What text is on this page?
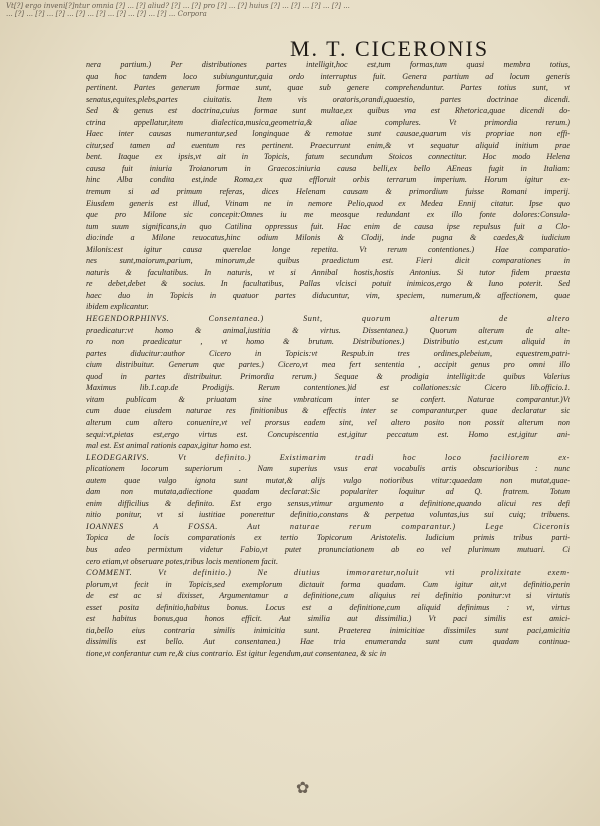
Vt[?] ergo inveni[?]ntur omnia [?] ... [?] aliud? [?] ... [?] pro [?] ... [?] huius [?] ... [?] ... [?] ... [?] ...
... [?] ... [?] ... [?] ... [?] ... [?] ... [?] ... [?] ... [?] ... Corpora
M. T. CICERONIS
nera partium.) Per distributiones partes intelligit,hoc est,tum formas,tum quasi membra totius,
qua hoc tandem loco subiunguntur,quia ordo interruptus fuit. Genera partium ad locum generis
pertinent. Partes generum formae sunt, quae sub genere comprehenduntur. Partes totius sunt, vt
senatus,equites,plebs,partes ciuitatis. Item vis oratoris,orandi,quaestio, partes doctrinae dicendi.
Sed & genus est doctrina,cuius formae sunt multae,ex quibus vna est Rhetorica,quae dicendi do-
ctrina appellatur,item dialectica,musica,geometria,& aliae complures. Vt primordia rerum.)
Haec inter causas numerantur,sed longinquae & remotae sunt causae,quarum vis propriae non effi-
citur,sed tamen ad euentum res pertinent. Praecurrunt enim,& vt sequatur aliquid initium prae
bent. Itaque ex ipsis,vt ait in Topicis, fatum secundum Stoicos connectitur. Hoc modo Helena
causa fuit iniuria Troianorum in Graecos:iniuria causa belli,ex bello AEneas fugit in Italiam:
hinc Alba condita est,inde Roma,ex qua effloruit orbis terrarum imperium. Horum igitur ex-
tremum si ad primum referas, dices Helenam causam & primordium fuisse Romani imperij.
Eiusdem generis est illud, Vtinam ne in nemore Pelio,quod ex Medea Ennij citatur. Ipse quo
que pro Milone sic concepit:Omnes iu me meosque redundant ex illo fonte dolores:Consula-
tum suum significans,in quo Catilina oppressus fuit. Hac enim de causa ipse repulsus fuit a Clo-
dio:inde a Milone reuocatus,hinc odium Milonis & Clodij, inde pugna & caedes,& iudicium
Milonis:est igitur causa querelae longe repetita. Vt rerum contentiones.) Hae comparatio-
nes sunt,maiorum,parium, minorum,de quibus praedictum est. Fieri dicit comparationes in
naturis & facultatibus. In naturis, vt si Annibal hostis,hostis Antonius. Si tutor fidem praesta
re debet,debet & socius. In facultatibus, Pallas vlcisci potuit inimicos,ergo & Iuno poterit. Sed
haec duo in Topicis in quatuor partes diducuntur, vim, speciem, numerum,& affectionem, quae
ibidem explicantur.
HEGENDORPHINVS. Consentanea.) Sunt, quorum alterum de altero
praedicatur:vt homo & animal,iustitia & virtus. Dissentanea.) Quorum alterum de alte-
ro non praedicatur , vt homo & brutum. Distributiones.) Distributio est,cum aliquid in
partes diducitur:author Cicero in Topicis:vt Respub.in tres ordines,plebeium, equestrem,patri-
cium distribuitur. Generum que partes.) Cicero,vt mea fert sententia , accipit genus pro omni illo
quod in partes distribuitur. Primordia rerum.) Sequae & prodigia intelligit:de quibus Valerius
Maximus lib.1.cap.de Prodigijs. Rerum contentiones.)id est collationes:sic Cicero lib.officio.1.
vitam publicam & priuatam sine vmbraticam inter se confert. Naturae comparantur.)Vt
cum duae eiusdem naturae res finitionibus & effectis inter se comparantur,per quae declaratur sic
alterum cum altero conuenire,vt vel prorsus eadem sint, vel altero posito non possit alterum non
sequi:vt,pietas est,ergo virtus est. Concupiscentia est,igitur peccatum est. Homo est,igitur ani-
mal est. Est animal rationis capax,igitur homo est.
LEODEGARIVS. Vt definito.) Existimarim tradi hoc loco faciliorem ex-
plicationem locorum superiorum . Nam superius vsus erat vocabulis artis obscurioribus : nunc
autem quae vulgo ignota sunt mutat,& alijs vulgo notioribus vtitur:quaedam non mutat,quae-
dam non mutata,adiectione quadam declarat:Sic populariter loquitur ad Q. fratrem. Totum
enim difficilius & definito. Est ergo sensus,vtimur argumento a definitione,quando alicui res defi
nitio ponitur, vt si iustitiae ponerettur definitio,constans & perpetua voluntas,ius sui cuiq; tribuens.
IOANNES A FOSSA. Aut naturae rerum comparantur.) Lege Ciceronis
Topica de locis comparationis ex tertio Topicorum Aristotelis. Iudicium primis tribus parti-
bus adeo permixtum videtur Fabio,vt putet pronunciationem ab eo vel plurimum mutuari. Ci
cero etiam,vt obseruare potes,tribus locis mentionem facit.
COMMENT. Vt definitio.) Ne diutius immoraretur,noluit vti prolixitate exem-
plorum,vt fecit in Topicis,sed exemplorum dictauit forma quadam. Cum igitur ait,vt definitio,perin
de est ac si dixisset, Argumentamur a definitione,cum aliquius rei definitio ponitur:vt si virtutis
esset posita definitio,habitus bonus. Locus est a definitione,cum aliquid definimus : vt, virtus
est habitus bonus,qua honos efficit. Aut similia aut dissimilia.) Vt paci similis est amici-
tia,bello eius contraria similis inimicitia sunt. Praeterea inimicitiae dissimiles sunt paci,amicitia
dissimilis est bello. Aut consentanea.) Hae tria enumeranda sunt cum quadam continua-
tione,vt conferantur cum re,& cius contrario. Est igitur legendum,aut consentanea, & sic in
✿
